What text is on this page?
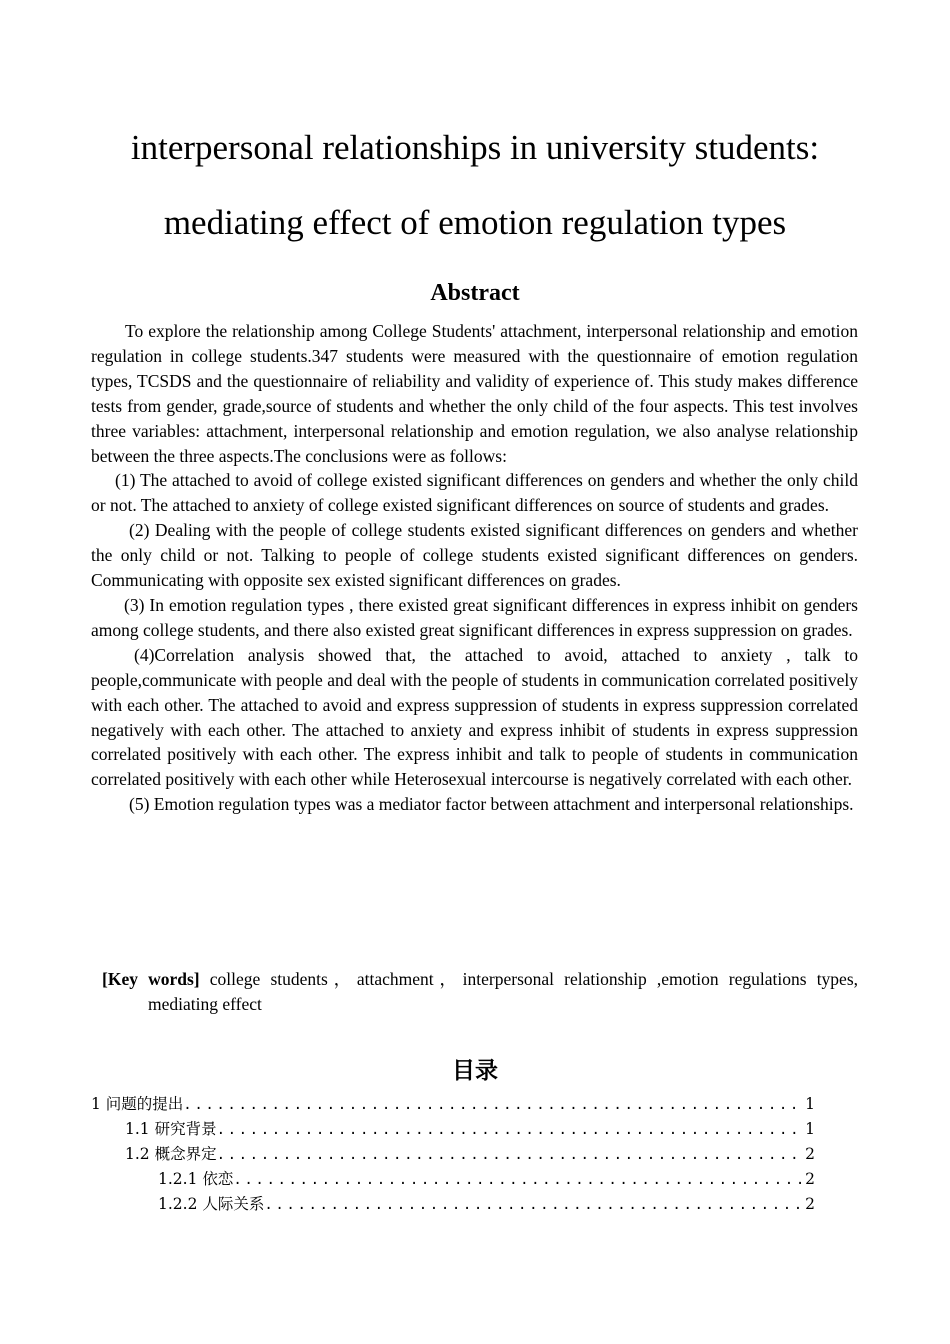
interpersonal relationships in university students:
mediating effect of emotion regulation types
Abstract

To explore the relationship among College Students' attachment, interpersonal relationship and emotion regulation in college students.347 students were measured with the questionnaire of emotion regulation types, TCSDS and the questionnaire of reliability and validity of experience of. This study makes difference tests from gender, grade,source of students and whether the only child of the four aspects. This test involves three variables: attachment, interpersonal relationship and emotion regulation, we also analyse relationship between the three aspects.The conclusions were as follows:

(1) The attached to avoid of college existed significant differences on genders and whether the only child or not. The attached to anxiety of college existed significant differences on source of students and grades.

(2) Dealing with the people of college students existed significant differences on genders and whether the only child or not. Talking to people of college students existed significant differences on genders. Communicating with opposite sex existed significant differences on grades.

(3) In emotion regulation types , there existed great significant differences in express inhibit on genders among college students, and there also existed great significant differences in express suppression on grades.

(4)Correlation analysis showed that, the attached to avoid, attached to anxiety , talk to people,communicate with people and deal with the people of students in communication correlated positively with each other. The attached to avoid and express suppression of students in express suppression correlated negatively with each other. The attached to anxiety and express inhibit of students in express suppression correlated positively with each other. The express inhibit and talk to people of students in communication correlated positively with each other while Heterosexual intercourse is negatively correlated with each other.

(5) Emotion regulation types was a mediator factor between attachment and interpersonal relationships.

[Key words] college students，attachment，interpersonal relationship ,emotion regulations types, mediating effect
目录
1 问题的提出 .....	1
1.1 研究背景 .....	1
1.2 概念界定 .....	2
1.2.1 依恋 .....	2
1.2.2 人际关系 .....	2
